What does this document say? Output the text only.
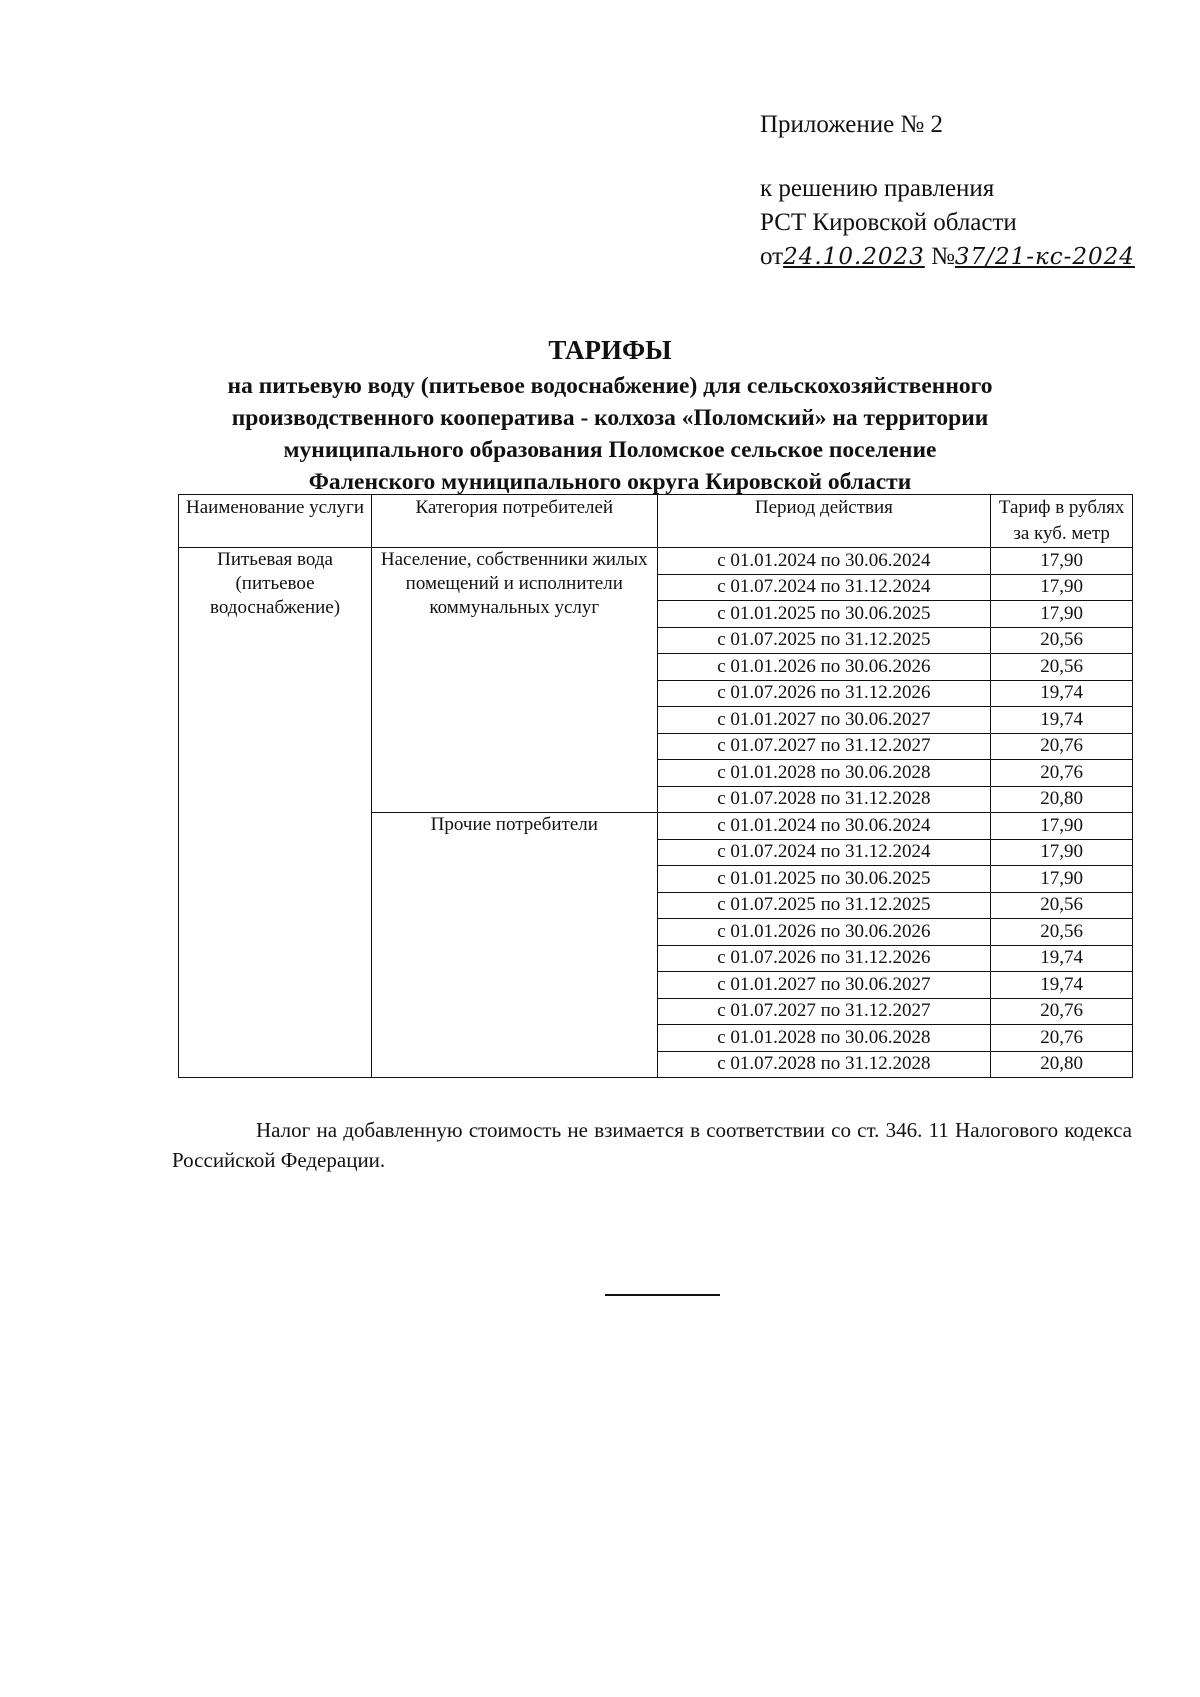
Приложение № 2
к решению правления
РСТ Кировской области
от24.10.2023 №37/21-кс-2024
ТАРИФЫ
на питьевую воду (питьевое водоснабжение) для сельскохозяйственного
производственного кооператива - колхоза «Поломский» на территории
муниципального образования Поломское сельское поселение
Фаленского муниципального округа Кировской области
Наименование услуги	Категория потребителей	Период действия	Тариф в рублях за куб. метр
Питьевая вода (питьевое водоснабжение)	Население, собственники жилых помещений и исполнители коммунальных услуг	с 01.01.2024 по 30.06.2024	17,90
		с 01.07.2024 по 31.12.2024	17,90
		с 01.01.2025 по 30.06.2025	17,90
		с 01.07.2025 по 31.12.2025	20,56
		с 01.01.2026 по 30.06.2026	20,56
		с 01.07.2026 по 31.12.2026	19,74
		с 01.01.2027 по 30.06.2027	19,74
		с 01.07.2027 по 31.12.2027	20,76
		с 01.01.2028 по 30.06.2028	20,76
		с 01.07.2028 по 31.12.2028	20,80
	Прочие потребители	с 01.01.2024 по 30.06.2024	17,90
		с 01.07.2024 по 31.12.2024	17,90
		с 01.01.2025 по 30.06.2025	17,90
		с 01.07.2025 по 31.12.2025	20,56
		с 01.01.2026 по 30.06.2026	20,56
		с 01.07.2026 по 31.12.2026	19,74
		с 01.01.2027 по 30.06.2027	19,74
		с 01.07.2027 по 31.12.2027	20,76
		с 01.01.2028 по 30.06.2028	20,76
		с 01.07.2028 по 31.12.2028	20,80
Налог на добавленную стоимость не взимается в соответствии со ст. 346. 11 Налогового кодекса Российской Федерации.
